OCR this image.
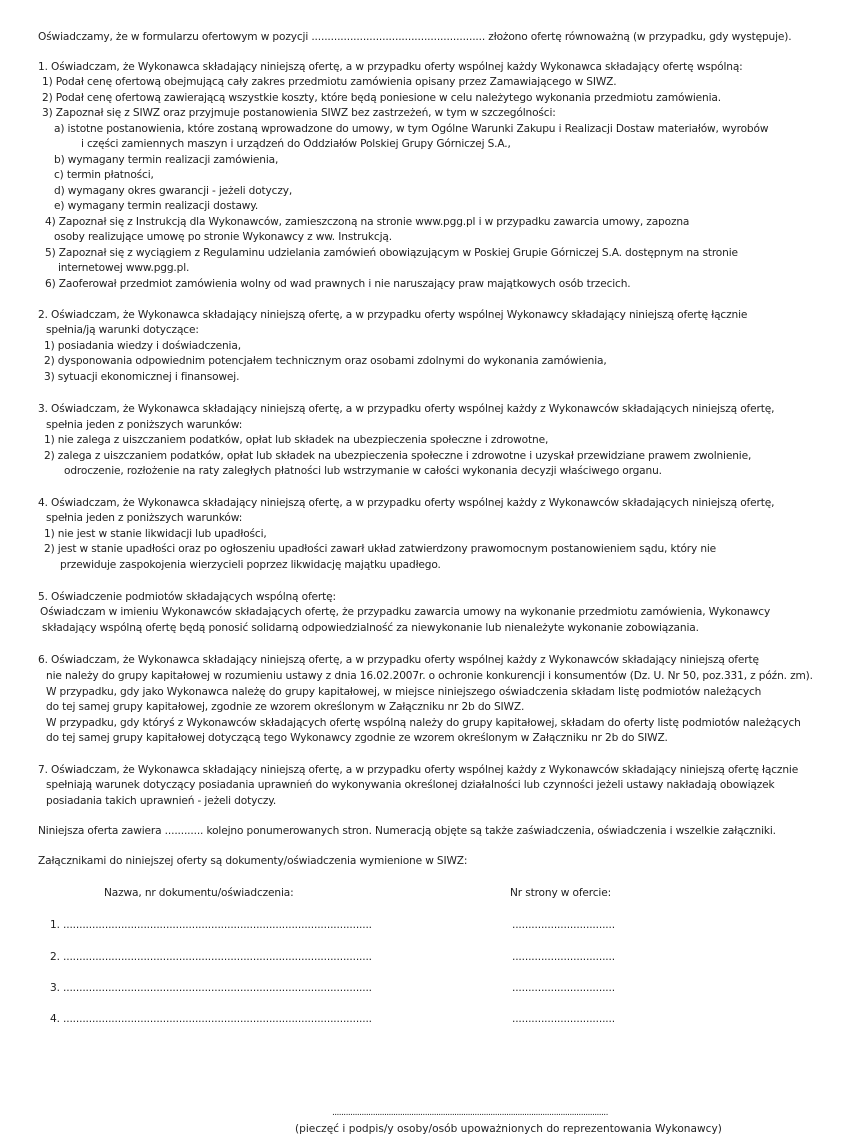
Oświadczamy, że w formularzu ofertowym w pozycji ...................................................... złożono ofertę równoważną (w przypadku, gdy występuje).
1. Oświadczam, że Wykonawca składający niniejszą ofertę, a w przypadku oferty wspólnej każdy Wykonawca składający ofertę wspólną:
1) Podał cenę ofertową obejmującą cały zakres przedmiotu zamówienia opisany przez Zamawiającego w SIWZ.
2) Podał cenę ofertową zawierającą wszystkie koszty, które będą poniesione w celu należytego wykonania przedmiotu zamówienia.
3) Zapoznał się z SIWZ oraz przyjmuje postanowienia SIWZ bez zastrzeżeń, w tym w szczególności:
a) istotne postanowienia, które zostaną wprowadzone do umowy, w tym Ogólne Warunki Zakupu i Realizacji Dostaw materiałów, wyrobów
i części zamiennych maszyn i urządzeń do Oddziałów Polskiej Grupy Górniczej S.A.,
b) wymagany termin realizacji zamówienia,
c) termin płatności,
d) wymagany okres gwarancji - jeżeli dotyczy,
e) wymagany termin realizacji dostawy.
4) Zapoznał się z Instrukcją dla Wykonawców, zamieszczoną na stronie www.pgg.pl i w przypadku zawarcia umowy, zapozna
osoby realizujące umowę po stronie Wykonawcy z ww. Instrukcją.
5) Zapoznał się z wyciągiem z Regulaminu udzielania zamówień obowiązującym w Poskiej Grupie Górniczej S.A. dostępnym na stronie
internetowej www.pgg.pl.
6) Zaoferował przedmiot zamówienia wolny od wad prawnych i nie naruszający praw majątkowych osób trzecich.
2. Oświadczam, że Wykonawca składający niniejszą ofertę, a w przypadku oferty wspólnej Wykonawcy składający niniejszą ofertę łącznie
spełnia/ją warunki dotyczące:
1) posiadania wiedzy i doświadczenia,
2) dysponowania odpowiednim potencjałem technicznym oraz osobami zdolnymi do wykonania zamówienia,
3) sytuacji ekonomicznej i finansowej.
3. Oświadczam, że Wykonawca składający niniejszą ofertę, a w przypadku oferty wspólnej każdy z Wykonawców składających niniejszą ofertę,
spełnia jeden z poniższych warunków:
1) nie zalega z uiszczaniem podatków, opłat lub składek na ubezpieczenia społeczne i zdrowotne,
2) zalega z uiszczaniem podatków, opłat lub składek na ubezpieczenia społeczne i zdrowotne i uzyskał przewidziane prawem zwolnienie,
odroczenie, rozłożenie na raty zaległych płatności lub wstrzymanie w całości wykonania decyzji właściwego organu.
4. Oświadczam, że Wykonawca składający niniejszą ofertę, a w przypadku oferty wspólnej każdy z Wykonawców składających niniejszą ofertę,
spełnia jeden z poniższych warunków:
1) nie jest w stanie likwidacji lub upadłości,
2) jest w stanie upadłości oraz po ogłoszeniu upadłości zawarł układ zatwierdzony prawomocnym postanowieniem sądu, który nie
przewiduje zaspokojenia wierzycieli poprzez likwidację majątku upadłego.
5. Oświadczenie podmiotów składających wspólną ofertę:
Oświadczam w imieniu Wykonawców składających ofertę, że przypadku zawarcia umowy na wykonanie przedmiotu zamówienia, Wykonawcy
składający wspólną ofertę będą ponosić solidarną odpowiedzialność za niewykonanie lub nienależyte wykonanie zobowiązania.
6. Oświadczam, że Wykonawca składający niniejszą ofertę, a w przypadku oferty wspólnej każdy z Wykonawców składający niniejszą ofertę
nie należy do grupy kapitałowej w rozumieniu ustawy z dnia 16.02.2007r. o ochronie konkurencji i konsumentów (Dz. U. Nr 50, poz.331, z późn. zm).
W przypadku, gdy jako Wykonawca należę do grupy kapitałowej, w miejsce niniejszego oświadczenia składam listę podmiotów należących
do tej samej grupy kapitałowej, zgodnie ze wzorem określonym w Załączniku nr 2b do SIWZ.
W przypadku, gdy któryś z Wykonawców składających ofertę wspólną należy do grupy kapitałowej, składam do oferty listę podmiotów należących
do tej samej grupy kapitałowej dotyczącą tego Wykonawcy zgodnie ze wzorem określonym w Załączniku nr 2b do SIWZ.
7. Oświadczam, że Wykonawca składający niniejszą ofertę, a w przypadku oferty wspólnej każdy z Wykonawców składający niniejszą ofertę łącznie
spełniają warunek dotyczący posiadania uprawnień do wykonywania określonej działalności lub czynności jeżeli ustawy nakładają obowiązek
posiadania takich uprawnień - jeżeli dotyczy.
Niniejsza oferta zawiera ............ kolejno ponumerowanych stron. Numeracją objęte są także zaświadczenia, oświadczenia i wszelkie załączniki.
Załącznikami do niniejszej oferty są dokumenty/oświadczenia wymienione w SIWZ:
Nazwa, nr dokumentu/oświadczenia:	Nr strony w ofercie:
1. ................................................................................................	................................
2. ................................................................................................	................................
3. ................................................................................................	................................
4. ................................................................................................	................................
..........................................................................................................................
(pieczęć i podpis/y osoby/osób upoważnionych do reprezentowania Wykonawcy)
